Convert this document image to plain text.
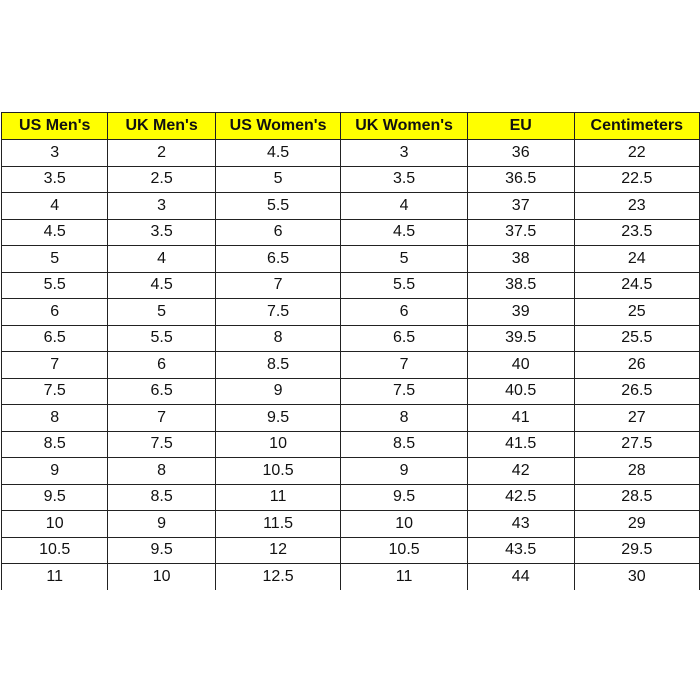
US Men's	UK Men's	US Women's	UK Women's	EU	Centimeters
3	2	4.5	3	36	22
3.5	2.5	5	3.5	36.5	22.5
4	3	5.5	4	37	23
4.5	3.5	6	4.5	37.5	23.5
5	4	6.5	5	38	24
5.5	4.5	7	5.5	38.5	24.5
6	5	7.5	6	39	25
6.5	5.5	8	6.5	39.5	25.5
7	6	8.5	7	40	26
7.5	6.5	9	7.5	40.5	26.5
8	7	9.5	8	41	27
8.5	7.5	10	8.5	41.5	27.5
9	8	10.5	9	42	28
9.5	8.5	11	9.5	42.5	28.5
10	9	11.5	10	43	29
10.5	9.5	12	10.5	43.5	29.5
11	10	12.5	11	44	30
